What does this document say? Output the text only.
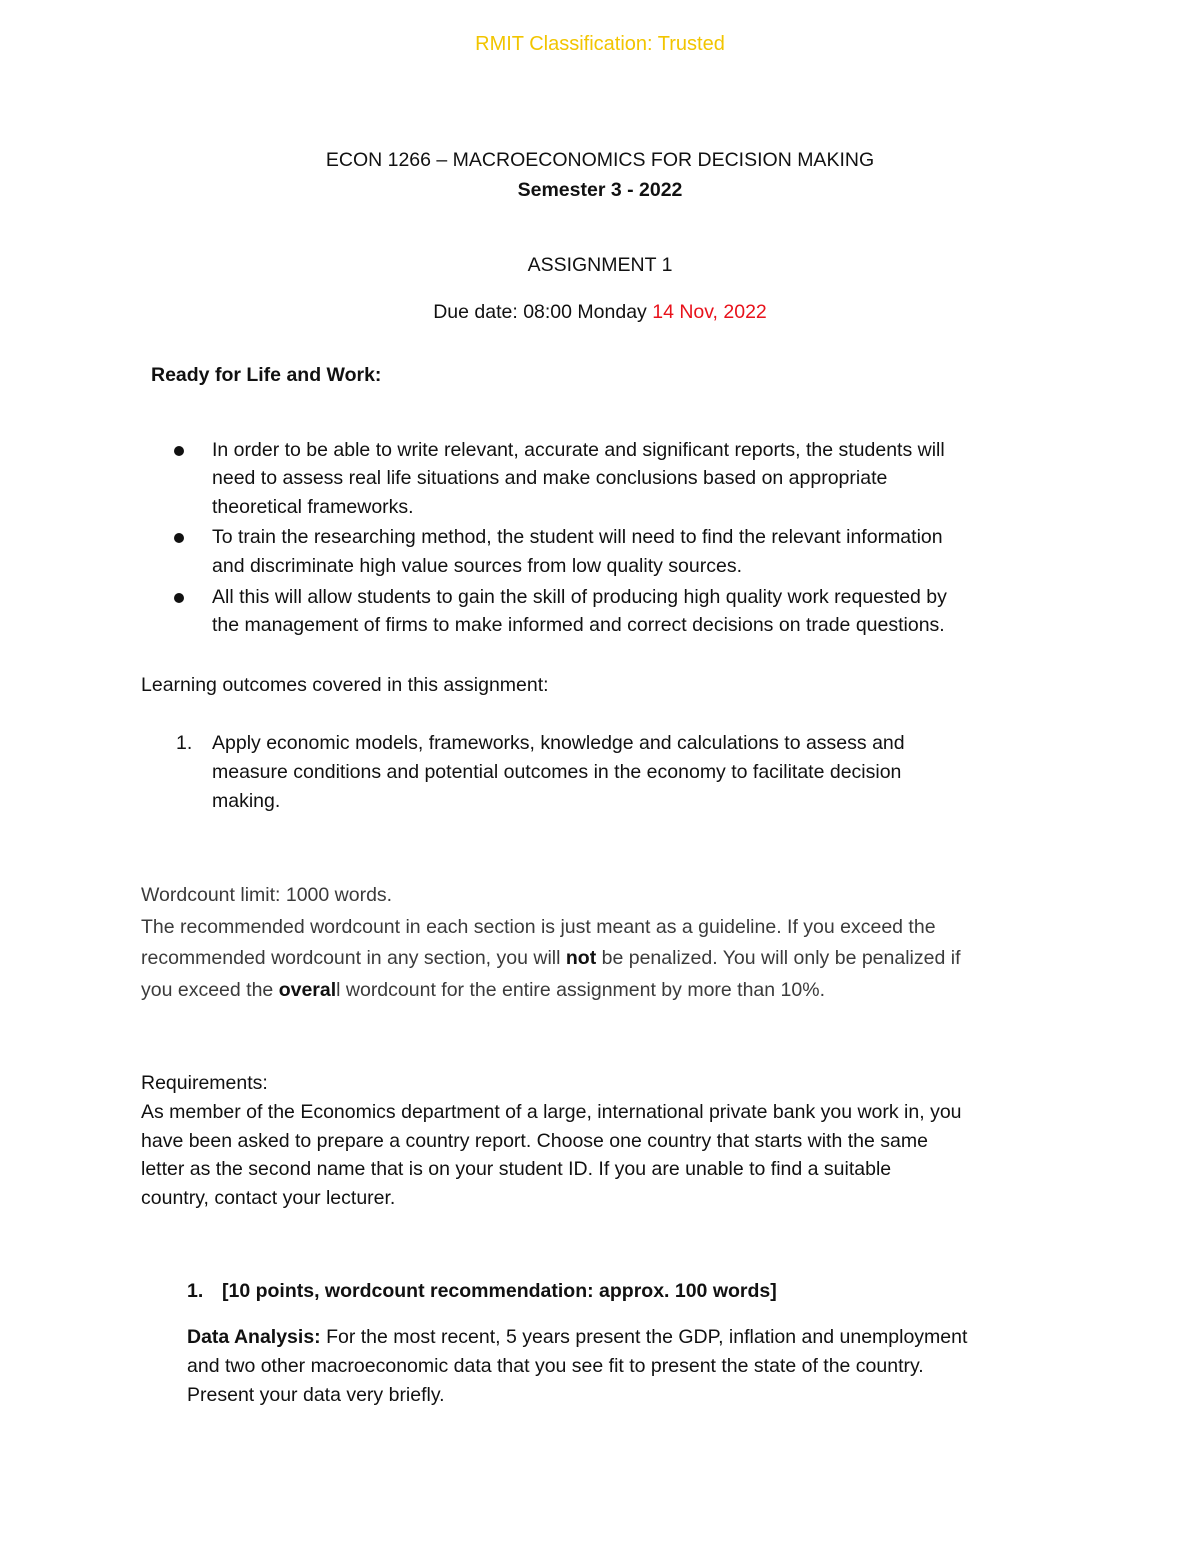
RMIT Classification: Trusted
ECON 1266 – MACROECONOMICS FOR DECISION MAKING
Semester 3 - 2022
ASSIGNMENT 1
Due date: 08:00 Monday 14 Nov, 2022
Ready for Life and Work:
In order to be able to write relevant, accurate and significant reports, the students will
need to assess real life situations and make conclusions based on appropriate
theoretical frameworks.
To train the researching method, the student will need to find the relevant information
and discriminate high value sources from low quality sources.
All this will allow students to gain the skill of producing high quality work requested by
the management of firms to make informed and correct decisions on trade questions.
Learning outcomes covered in this assignment:
1. Apply economic models, frameworks, knowledge and calculations to assess and
measure conditions and potential outcomes in the economy to facilitate decision
making.
Wordcount limit: 1000 words.
The recommended wordcount in each section is just meant as a guideline. If you exceed the
recommended wordcount in any section, you will not be penalized. You will only be penalized if
you exceed the overall wordcount for the entire assignment by more than 10%.
Requirements:
As member of the Economics department of a large, international private bank you work in, you
have been asked to prepare a country report. Choose one country that starts with the same
letter as the second name that is on your student ID. If you are unable to find a suitable
country, contact your lecturer.
1. [10 points, wordcount recommendation: approx. 100 words]
Data Analysis: For the most recent, 5 years present the GDP, inflation and unemployment
and two other macroeconomic data that you see fit to present the state of the country.
Present your data very briefly.
